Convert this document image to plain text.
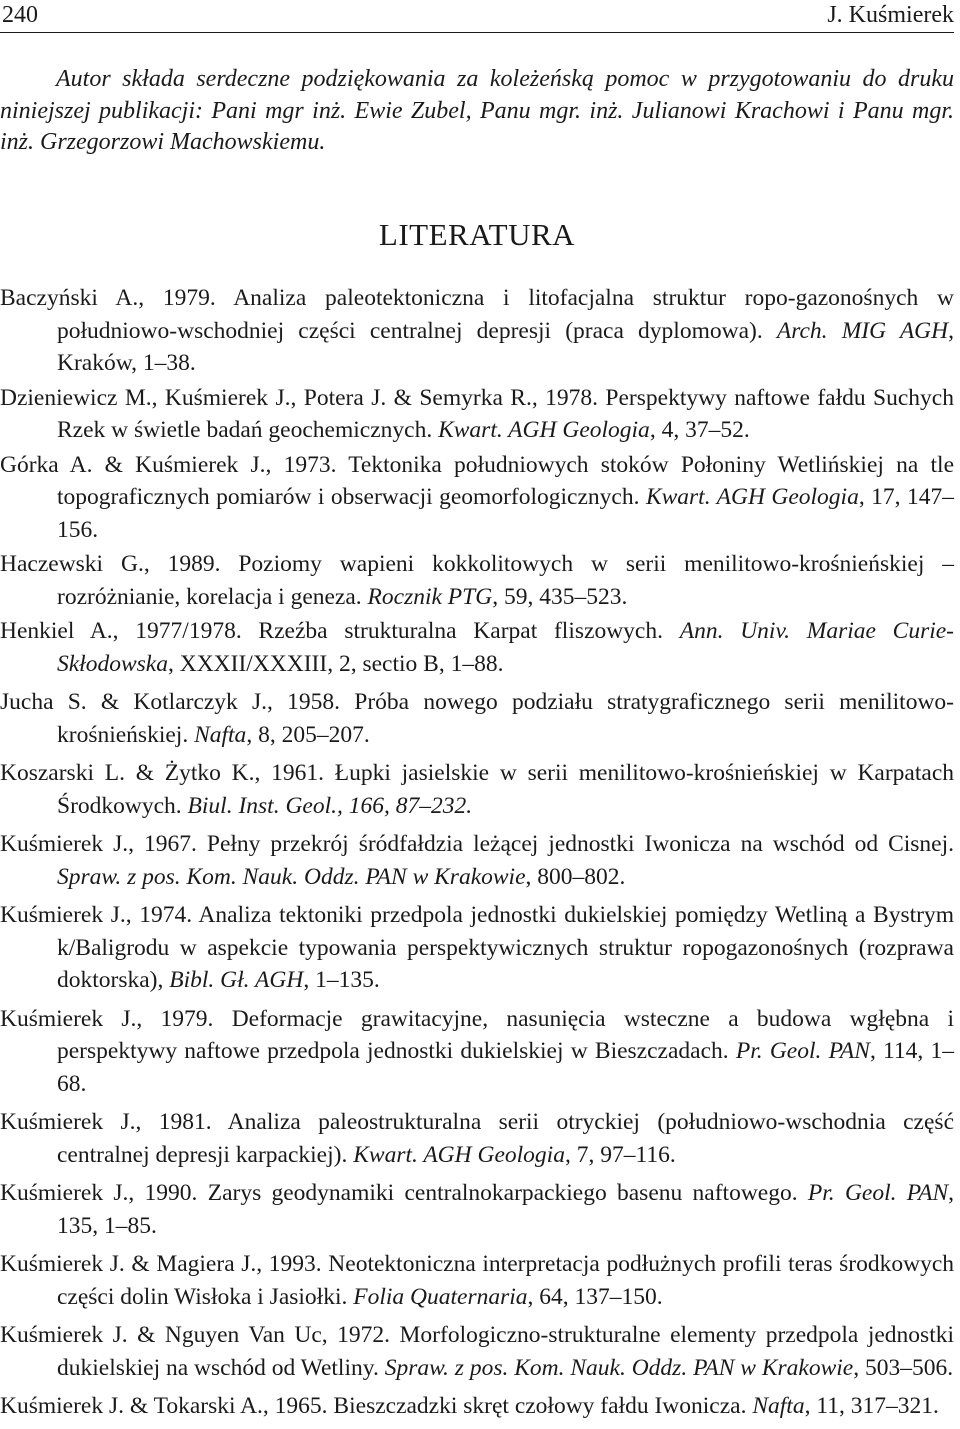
240	J. Kuśmierek

Autor składa serdeczne podziękowania za koleżeńską pomoc w przygotowaniu do druku niniejszej publikacji: Pani mgr inż. Ewie Zubel, Panu mgr. inż. Julianowi Krachowi i Panu mgr. inż. Grzegorzowi Machowskiemu.

LITERATURA
Baczyński A., 1979. Analiza paleotektoniczna i litofacjalna struktur ropo-gazonośnych w południowo-wschodniej części centralnej depresji (praca dyplomowa). Arch. MIG AGH, Kraków, 1–38.
Dzieniewicz M., Kuśmierek J., Potera J. & Semyrka R., 1978. Perspektywy naftowe fałdu Suchych Rzek w świetle badań geochemicznych. Kwart. AGH Geologia, 4, 37–52.
Górka A. & Kuśmierek J., 1973. Tektonika południowych stoków Połoniny Wetlińskiej na tle topograficznych pomiarów i obserwacji geomorfologicznych. Kwart. AGH Geologia, 17, 147–156.
Haczewski G., 1989. Poziomy wapieni kokkolitowych w serii menilitowo-krośnieńskiej – rozróżnianie, korelacja i geneza. Rocznik PTG, 59, 435–523.
Henkiel A., 1977/1978. Rzeźba strukturalna Karpat fliszowych. Ann. Univ. Mariae Curie-Skłodowska, XXXII/XXXIII, 2, sectio B, 1–88.
Jucha S. & Kotlarczyk J., 1958. Próba nowego podziału stratygraficznego serii menilitowo-krośnieńskiej. Nafta, 8, 205–207.
Koszarski L. & Żytko K., 1961. Łupki jasielskie w serii menilitowo-krośnieńskiej w Karpatach Środkowych. Biul. Inst. Geol., 166, 87–232.
Kuśmierek J., 1967. Pełny przekrój śródfałdzia leżącej jednostki Iwonicza na wschód od Cisnej. Spraw. z pos. Kom. Nauk. Oddz. PAN w Krakowie, 800–802.
Kuśmierek J., 1974. Analiza tektoniki przedpola jednostki dukielskiej pomiędzy Wetliną a Bystrym k/Baligrodu w aspekcie typowania perspektywicznych struktur ropogazonośnych (rozprawa doktorska), Bibl. Gł. AGH, 1–135.
Kuśmierek J., 1979. Deformacje grawitacyjne, nasunięcia wsteczne a budowa wgłębna i perspektywy naftowe przedpola jednostki dukielskiej w Bieszczadach. Pr. Geol. PAN, 114, 1–68.
Kuśmierek J., 1981. Analiza paleostrukturalna serii otryckiej (południowo-wschodnia część centralnej depresji karpackiej). Kwart. AGH Geologia, 7, 97–116.
Kuśmierek J., 1990. Zarys geodynamiki centralnokarpackiego basenu naftowego. Pr. Geol. PAN, 135, 1–85.
Kuśmierek J. & Magiera J., 1993. Neotektoniczna interpretacja podłużnych profili teras środkowych części dolin Wisłoka i Jasiołki. Folia Quaternaria, 64, 137–150.
Kuśmierek J. & Nguyen Van Uc, 1972. Morfologiczno-strukturalne elementy przedpola jednostki dukielskiej na wschód od Wetliny. Spraw. z pos. Kom. Nauk. Oddz. PAN w Krakowie, 503–506.
Kuśmierek J. & Tokarski A., 1965. Bieszczadzki skręt czołowy fałdu Iwonicza. Nafta, 11, 317–321.
